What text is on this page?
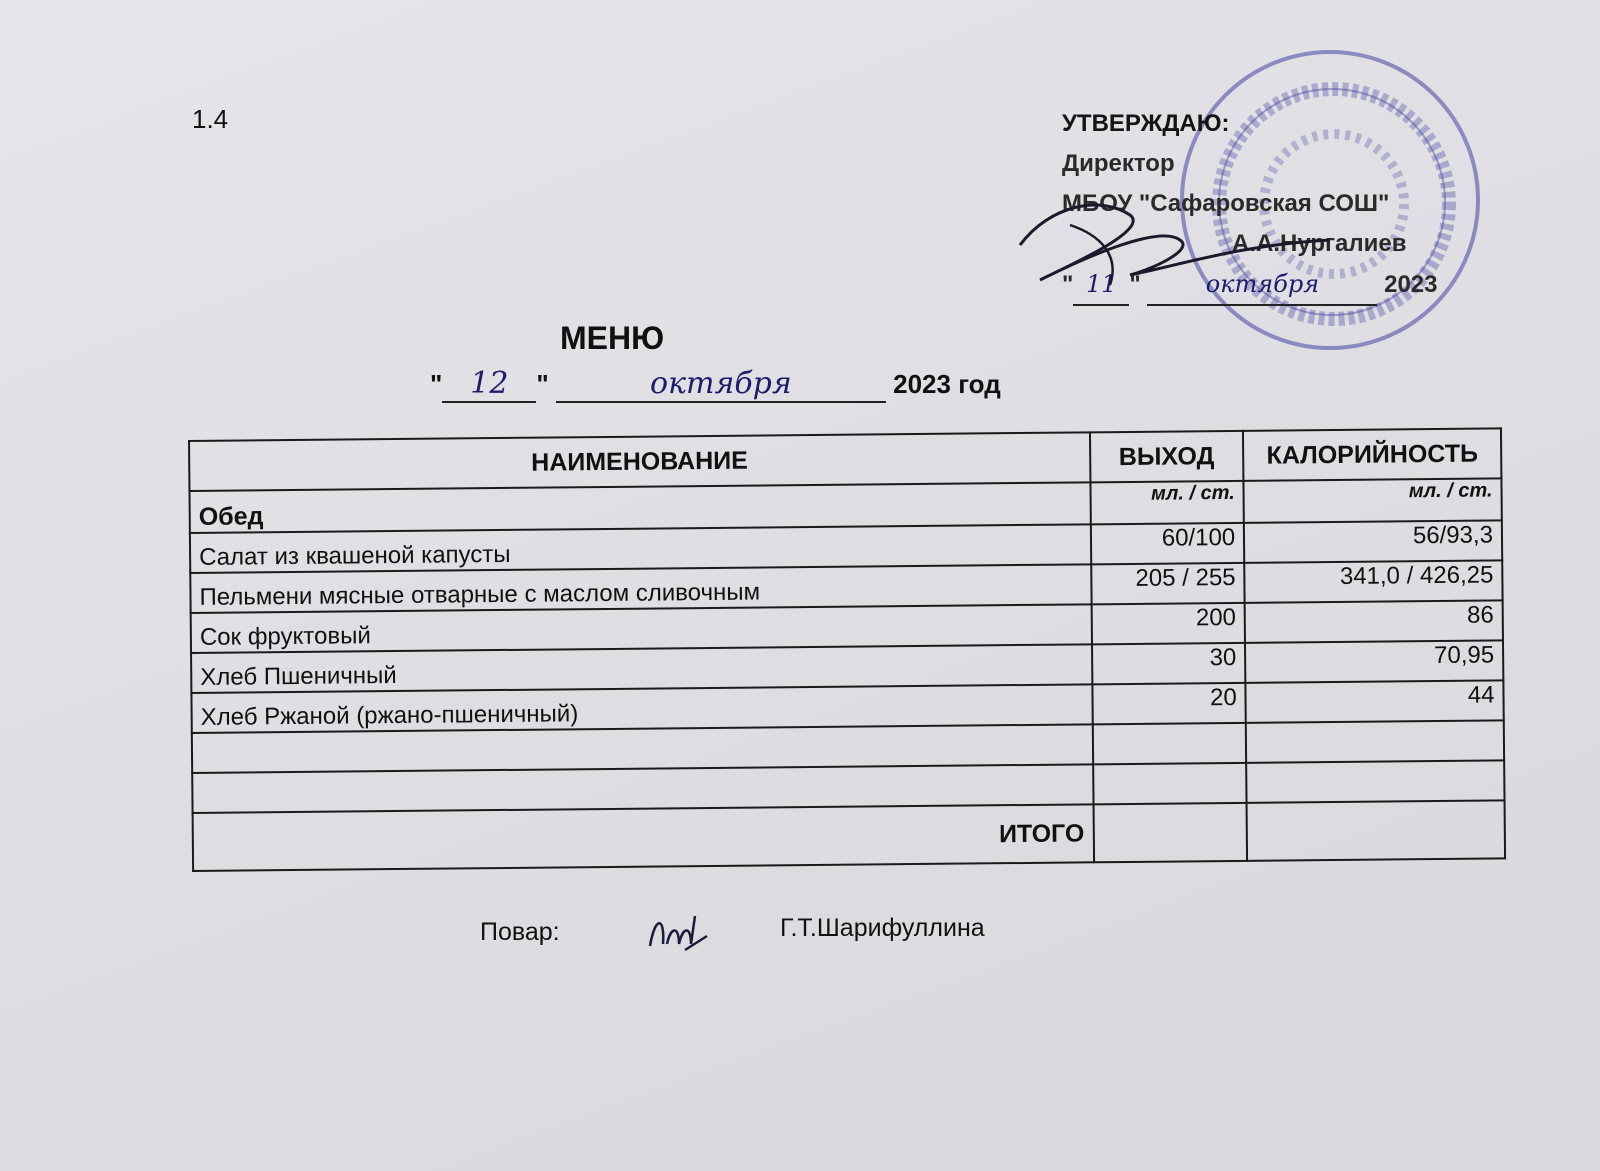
1.4	УТВЕРЖДАЮ:
Директор
МБОУ "Сафаровская СОШ"
А.А.Нургалиев
" 11 " октября	2023
МЕНЮ
" 12 "	октября	2023 год
НАИМЕНОВАНИЕ	ВЫХОД	КАЛОРИЙНОСТЬ
Обед	мл. / ст.	мл. / ст.
Салат из квашеной капусты	60/100	56/93,3
Пельмени мясные отварные с маслом сливочным	205 / 255	341,0 / 426,25
Сок фруктовый	200	86
Хлеб Пшеничный	30	70,95
Хлеб Ржаной (ржано-пшеничный)	20	44

ИТОГО		
Повар:	Г.Т.Шарифуллина
